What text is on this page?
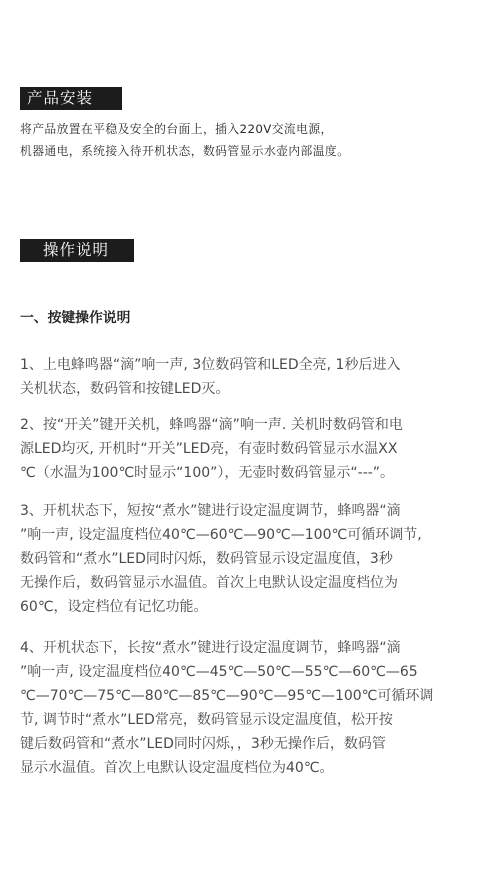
产品安装
将产品放置在平稳及安全的台面上，插入220V交流电源，
机器通电，系统接入待开机状态，数码管显示水壶内部温度。
操作说明
一、按键操作说明
1、上电蜂鸣器“滴”响一声, 3位数码管和LED全亮, 1秒后进入
关机状态，数码管和按键LED灭。
2、按“开关”键开关机，蜂鸣器“滴”响一声. 关机时数码管和电
源LED均灭, 开机时“开关”LED亮，有壶时数码管显示水温XX
℃（水温为100℃时显示“100”），无壶时数码管显示“---”。
3、开机状态下，短按“煮水”键进行设定温度调节，蜂鸣器“滴
”响一声, 设定温度档位40℃—60℃—90℃—100℃可循环调节,
数码管和“煮水”LED同时闪烁，数码管显示设定温度值，3秒
无操作后，数码管显示水温值。首次上电默认设定温度档位为
60℃，设定档位有记忆功能。
4、开机状态下，长按“煮水”键进行设定温度调节，蜂鸣器“滴
”响一声, 设定温度档位40℃—45℃—50℃—55℃—60℃—65
℃—70℃—75℃—80℃—85℃—90℃—95℃—100℃可循环调
节, 调节时“煮水”LED常亮，数码管显示设定温度值，松开按
键后数码管和“煮水”LED同时闪烁，，3秒无操作后，数码管
显示水温值。首次上电默认设定温度档位为40℃。
